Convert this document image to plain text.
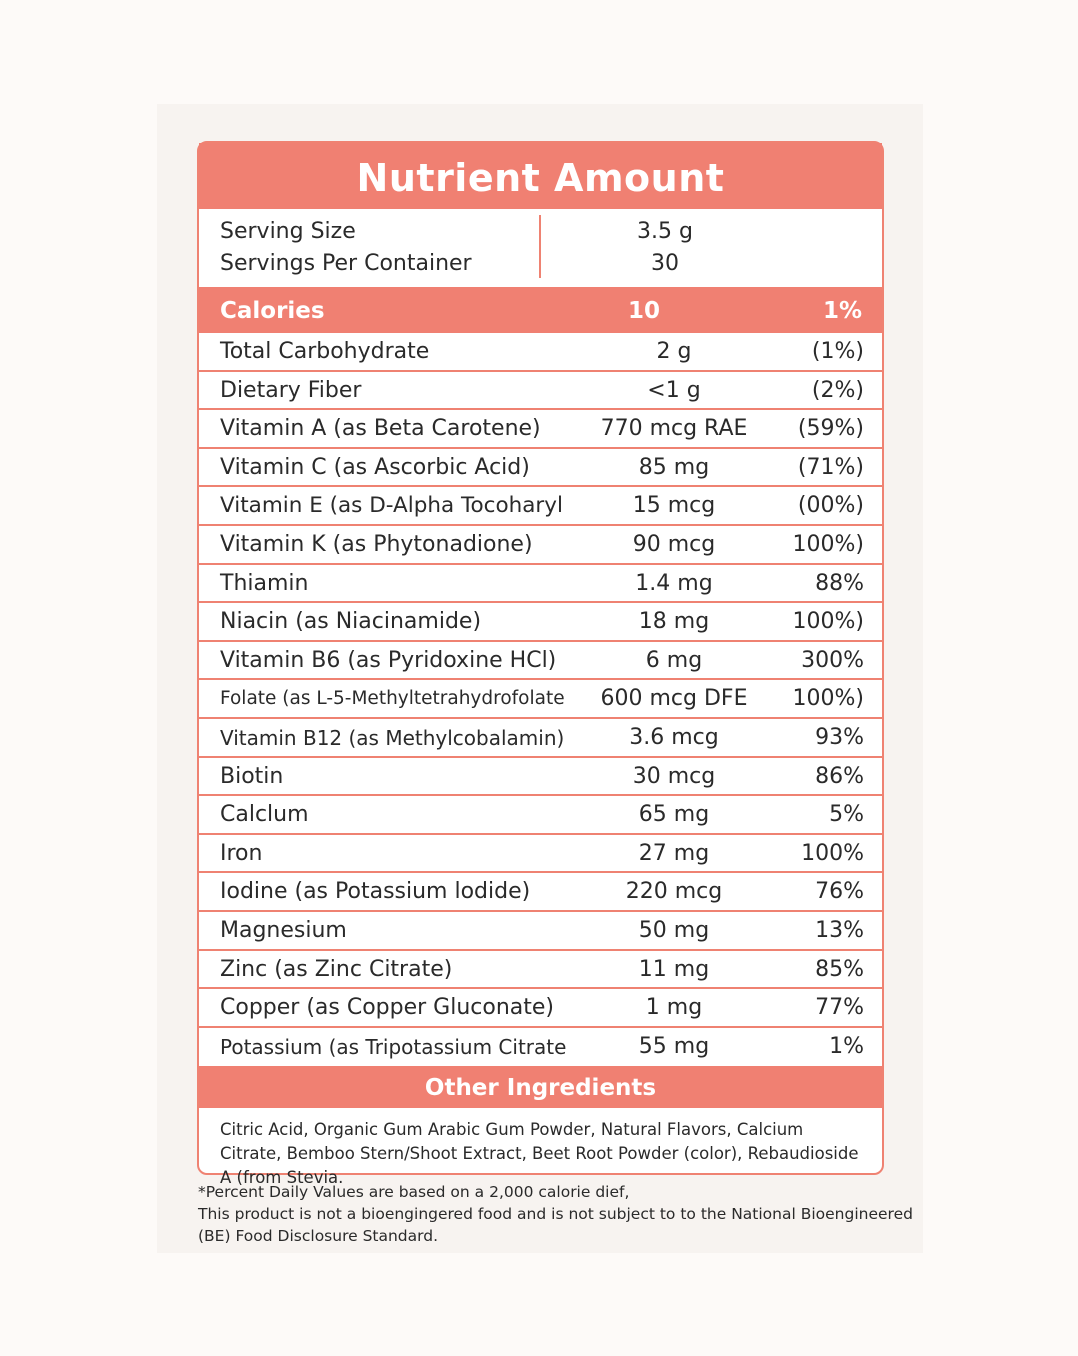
Nutrient Amount
Serving Size	3.5 g
Servings Per Container	30
Calories	10	1%
Total Carbohydrate	2 g	(1%)
Dietary Fiber	<1 g	(2%)
Vitamin A (as Beta Carotene)	770 mcg RAE	(59%)
Vitamin C (as Ascorbic Acid)	85 mg	(71%)
Vitamin E (as D-Alpha Tocoharyl	15 mcg	(00%)
Vitamin K (as Phytonadione)	90 mcg	100%)
Thiamin	1.4 mg	88%
Niacin (as Niacinamide)	18 mg	100%)
Vitamin B6 (as Pyridoxine HCl)	6 mg	300%
Folate (as L-5-Methyltetrahydrofolate	600 mcg DFE	100%)
Vitamin B12 (as Methylcobalamin)	3.6 mcg	93%
Biotin	30 mcg	86%
Calclum	65 mg	5%
Iron	27 mg	100%
Iodine (as Potassium lodide)	220 mcg	76%
Magnesium	50 mg	13%
Zinc (as Zinc Citrate)	11 mg	85%
Copper (as Copper Gluconate)	1 mg	77%
Potassium (as Tripotassium Citrate	55 mg	1%
Other Ingredients
Citric Acid, Organic Gum Arabic Gum Powder, Natural Flavors, Calcium Citrate, Bemboo Stern/Shoot Extract, Beet Root Powder (color), Rebaudioside A (from Stevia.
*Percent Daily Values are based on a 2,000 calorie dief,
This product is not a bioengingered food and is not subject to to the National Bioengineered (BE) Food Disclosure Standard.
